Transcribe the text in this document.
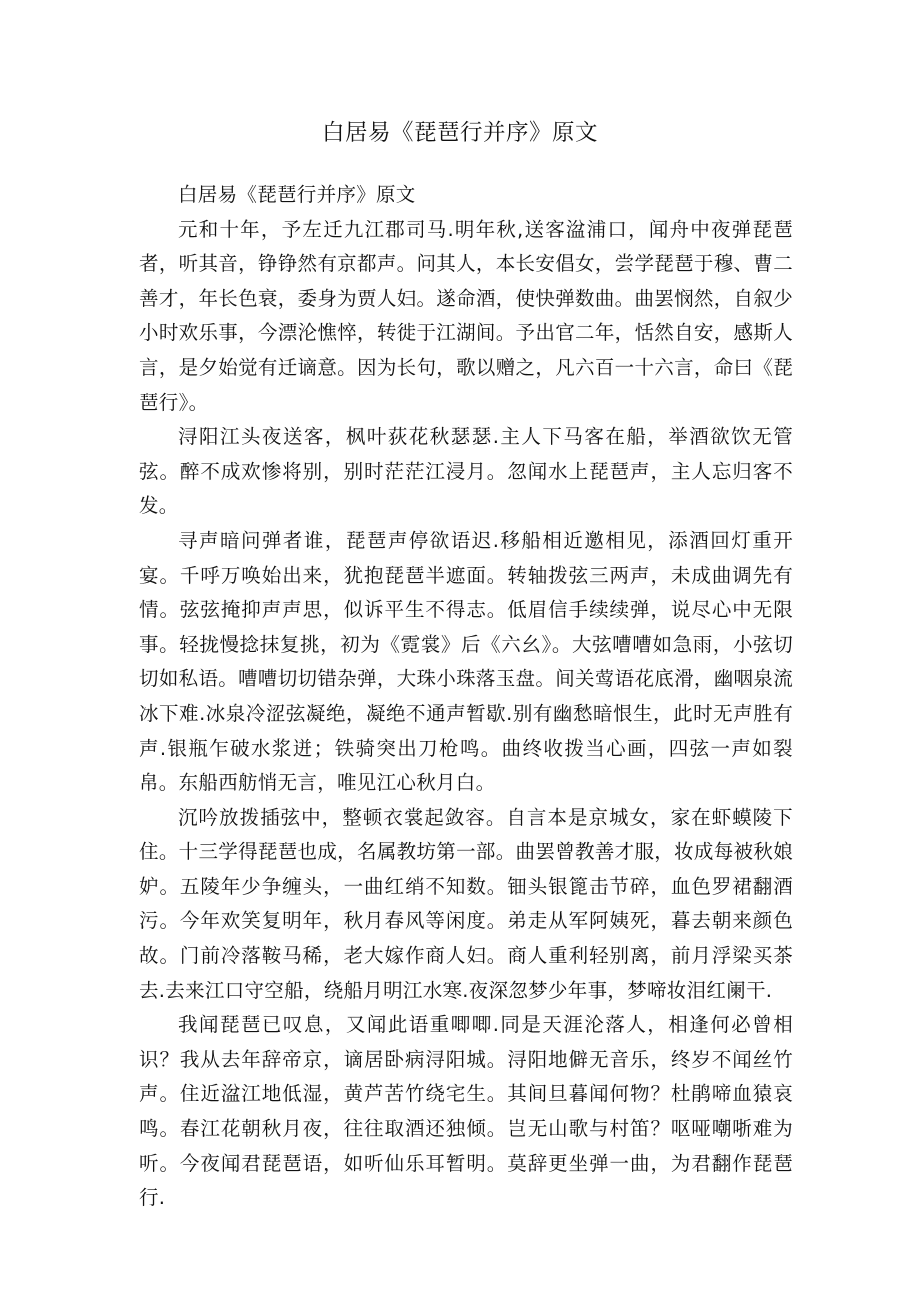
白居易《琵琶行并序》原文

白居易《琵琶行并序》原文

元和十年，予左迁九江郡司马.明年秋,送客湓浦口，闻舟中夜弹琵琶者，听其音，铮铮然有京都声。问其人，本长安倡女，尝学琵琶于穆、曹二善才，年长色衰，委身为贾人妇。遂命酒，使快弹数曲。曲罢悯然，自叙少小时欢乐事，今漂沦憔悴，转徙于江湖间。予出官二年，恬然自安，感斯人言，是夕始觉有迁谪意。因为长句，歌以赠之，凡六百一十六言，命曰《琵琶行》。

浔阳江头夜送客，枫叶荻花秋瑟瑟.主人下马客在船，举酒欲饮无管弦。醉不成欢惨将别，别时茫茫江浸月。忽闻水上琵琶声，主人忘归客不发。

寻声暗问弹者谁，琵琶声停欲语迟.移船相近邀相见，添酒回灯重开宴。千呼万唤始出来，犹抱琵琶半遮面。转轴拨弦三两声，未成曲调先有情。弦弦掩抑声声思，似诉平生不得志。低眉信手续续弹，说尽心中无限事。轻拢慢捻抹复挑，初为《霓裳》后《六幺》。大弦嘈嘈如急雨，小弦切切如私语。嘈嘈切切错杂弹，大珠小珠落玉盘。间关莺语花底滑，幽咽泉流冰下难.冰泉冷涩弦凝绝，凝绝不通声暂歇.别有幽愁暗恨生，此时无声胜有声.银瓶乍破水浆迸；铁骑突出刀枪鸣。曲终收拨当心画，四弦一声如裂帛。东船西舫悄无言，唯见江心秋月白。

沉吟放拨插弦中，整顿衣裳起敛容。自言本是京城女，家在虾蟆陵下住。十三学得琵琶也成，名属教坊第一部。曲罢曾教善才服，妆成每被秋娘妒。五陵年少争缠头，一曲红绡不知数。钿头银篦击节碎，血色罗裙翻酒污。今年欢笑复明年，秋月春风等闲度。弟走从军阿姨死，暮去朝来颜色故。门前冷落鞍马稀，老大嫁作商人妇。商人重利轻别离，前月浮梁买茶去.去来江口守空船，绕船月明江水寒.夜深忽梦少年事，梦啼妆泪红阑干.

我闻琵琶已叹息，又闻此语重唧唧.同是天涯沦落人，相逢何必曾相识？我从去年辞帝京，谪居卧病浔阳城。浔阳地僻无音乐，终岁不闻丝竹声。住近湓江地低湿，黄芦苦竹绕宅生。其间旦暮闻何物？杜鹃啼血猿哀鸣。春江花朝秋月夜，往往取酒还独倾。岂无山歌与村笛？呕哑嘲哳难为听。今夜闻君琵琶语，如听仙乐耳暂明。莫辞更坐弹一曲，为君翻作琵琶行.
